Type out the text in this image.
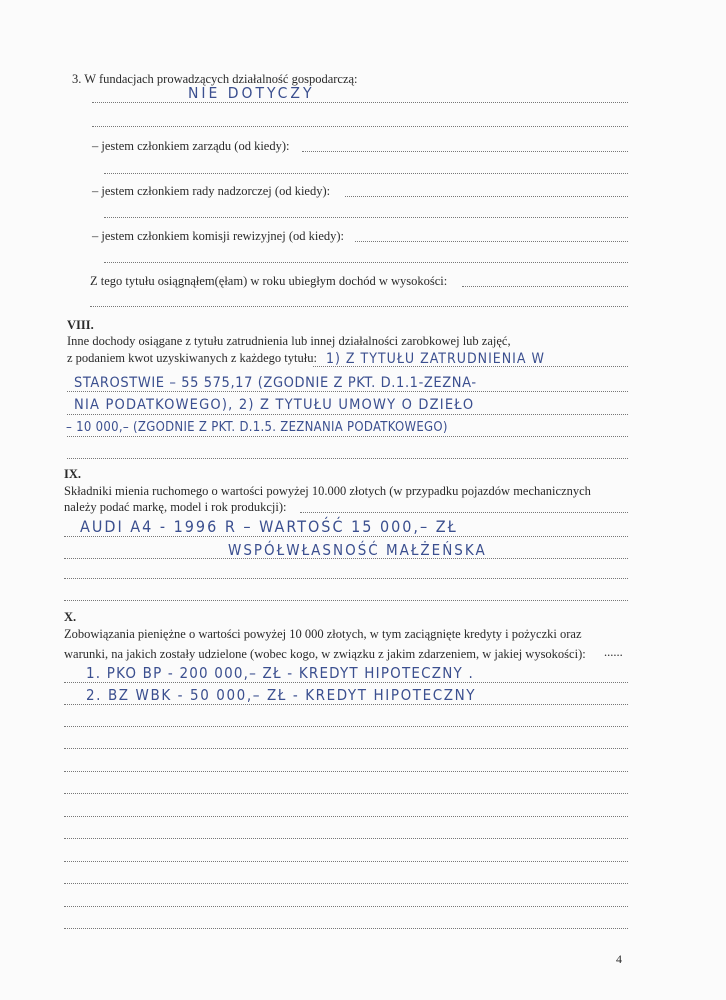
3. W fundacjach prowadzących działalność gospodarczą:
NIE DOTYCZY
– jestem członkiem zarządu (od kiedy):
– jestem członkiem rady nadzorczej (od kiedy):
– jestem członkiem komisji rewizyjnej (od kiedy):
Z tego tytułu osiągnąłem(ęłam) w roku ubiegłym dochód w wysokości:
VIII.
Inne dochody osiągane z tytułu zatrudnienia lub innej działalności zarobkowej lub zajęć,
z podaniem kwot uzyskiwanych z każdego tytułu: 1) Z TYTUŁU ZATRUDNIENIA W
STAROSTWIE – 55 575,17 (ZGODNIE Z PKT. D.1.1-ZEZNA-
NIA PODATKOWEGO), 2) Z TYTUŁU UMOWY O DZIEŁO
– 10 000,– (ZGODNIE Z PKT. D.1.5. ZEZNANIA PODATKOWEGO)
IX.
Składniki mienia ruchomego o wartości powyżej 10.000 złotych (w przypadku pojazdów mechanicznych
należy podać markę, model i rok produkcji):
AUDI A4 - 1996 R – WARTOŚĆ 15 000,– ZŁ
WSPÓŁWŁASNOŚĆ MAŁŻEŃSKA
X.
Zobowiązania pieniężne o wartości powyżej 10 000 złotych, w tym zaciągnięte kredyty i pożyczki oraz
warunki, na jakich zostały udzielone (wobec kogo, w związku z jakim zdarzeniem, w jakiej wysokości): ......
1. PKO BP - 200 000,– ZŁ - KREDYT HIPOTECZNY .
2. BZ WBK - 50 000,– ZŁ - KREDYT HIPOTECZNY
4
